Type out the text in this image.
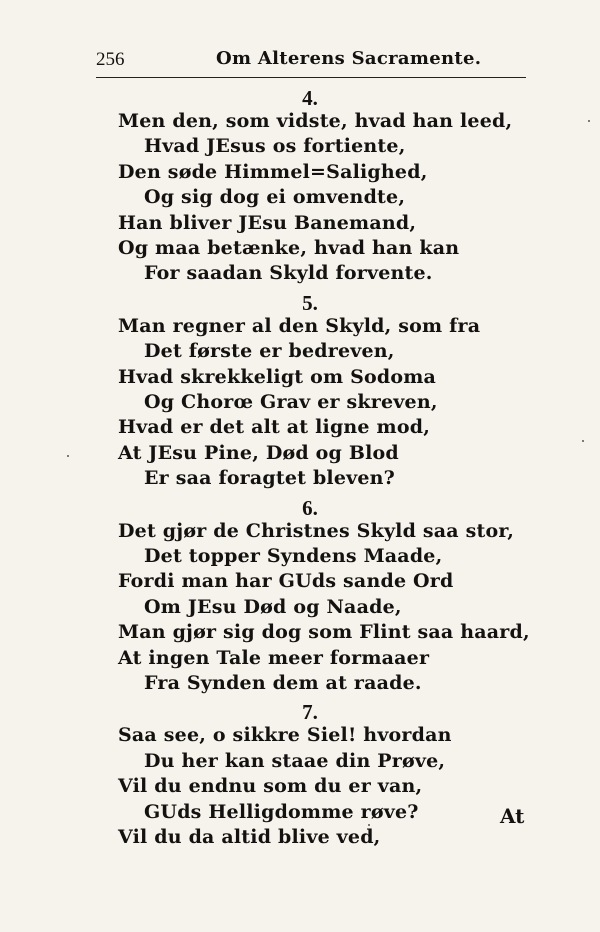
256	Om Alterens Sacramente.
4.
Men den, som vidste, hvad han leed,
Hvad JEsus os fortiente,
Den søde Himmel=Salighed,
Og sig dog ei omvendte,
Han bliver JEsu Banemand,
Og maa betænke, hvad han kan
For saadan Skyld forvente.
5.
Man regner al den Skyld, som fra
Det første er bedreven,
Hvad skrekkeligt om Sodoma
Og Chorœ Grav er skreven,
Hvad er det alt at ligne mod,
At JEsu Pine, Død og Blod
Er saa foragtet bleven?
6.
Det gjør de Christnes Skyld saa stor,
Det topper Syndens Maade,
Fordi man har GUds sande Ord
Om JEsu Død og Naade,
Man gjør sig dog som Flint saa haard,
At ingen Tale meer formaaer
Fra Synden dem at raade.
7.
Saa see, o sikkre Siel! hvordan
Du her kan staae din Prøve,
Vil du endnu som du er van,
GUds Helligdomme røve?
Vil du da altid blive ved,
At
